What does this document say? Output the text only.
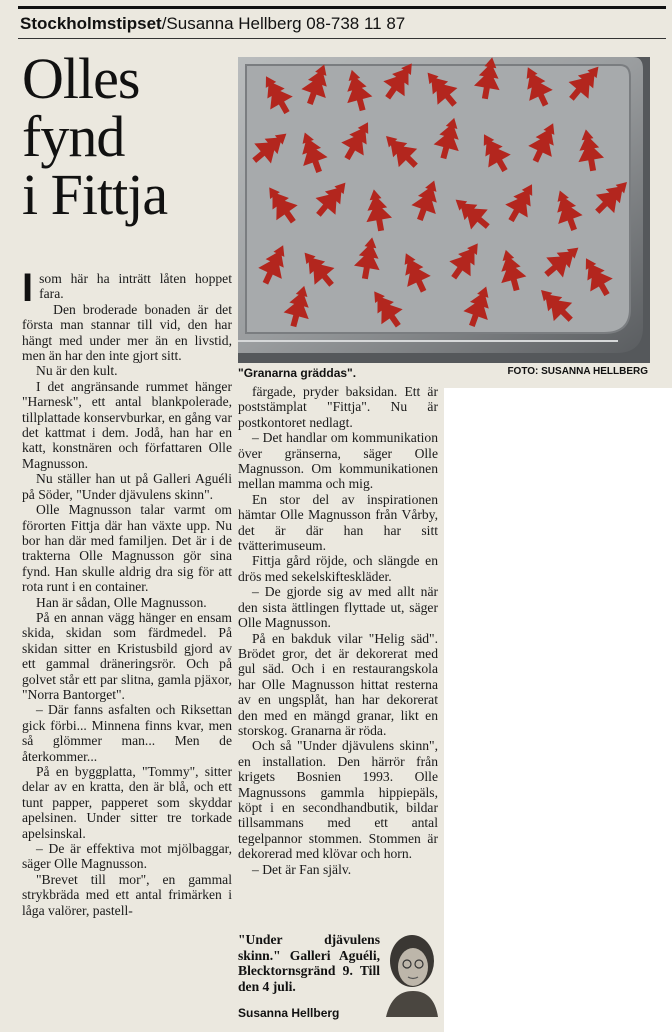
Stockholmstipset/Susanna Hellberg 08-738 11 87
Olles
fynd
i Fittja
"Granarna gräddas".	FOTO: SUSANNA HELLBERG

Isom här ha inträtt låten hoppet fara.

Den broderade bonaden är det första man stannar till vid, den har hängt med under mer än en livstid, men än har den inte gjort sitt.

Nu är den kult.

I det angränsande rummet hänger "Harnesk", ett antal blankpolerade, tillplattade konservburkar, en gång var det kattmat i dem. Jodå, han har en katt, konstnären och författaren Olle Magnusson.

Nu ställer han ut på Galleri Aguéli på Söder, "Under djävulens skinn".

Olle Magnusson talar varmt om förorten Fittja där han växte upp. Nu bor han där med familjen. Det är i de trakterna Olle Magnusson gör sina fynd. Han skulle aldrig dra sig för att rota runt i en container.

Han är sådan, Olle Magnusson.

På en annan vägg hänger en ensam skida, skidan som färdmedel. På skidan sitter en Kristusbild gjord av ett gammal dräneringsrör. Och på golvet står ett par slitna, gamla pjäxor, "Norra Bantorget".

– Där fanns asfalten och Riksettan gick förbi... Minnena finns kvar, men så glömmer man... Men de återkommer...

På en byggplatta, "Tommy", sitter delar av en kratta, den är blå, och ett tunt papper, papperet som skyddar apelsinen. Under sitter tre torkade apelsinskal.

– De är effektiva mot mjölbaggar, säger Olle Magnusson.

"Brevet till mor", en gammal strykbräda med ett antal frimärken i låga valörer, pastell-

färgade, pryder baksidan. Ett är poststämplat "Fittja". Nu är postkontoret nedlagt.

– Det handlar om kommunikation över gränserna, säger Olle Magnusson. Om kommunikationen mellan mamma och mig.

En stor del av inspirationen hämtar Olle Magnusson från Vårby, det är där han har sitt tvätterimuseum.

Fittja gård röjde, och slängde en drös med sekelskifteskläder.

– De gjorde sig av med allt när den sista ättlingen flyttade ut, säger Olle Magnusson.

På en bakduk vilar "Helig säd". Brödet gror, det är dekorerat med gul säd. Och i en restaurangskola har Olle Magnusson hittat resterna av en ungsplåt, han har dekorerat den med en mängd granar, likt en storskog. Granarna är röda.

Och så "Under djävulens skinn", en installation. Den härrör från krigets Bosnien 1993. Olle Magnussons gammla hippiepäls, köpt i en secondhandbutik, bildar tillsammans med ett antal tegelpannor stommen. Stommen är dekorerad med klövar och horn.

– Det är Fan själv.

"Under djävulens skinn." Galleri Aguéli, Blecktornsgränd 9. Till den 4 juli.
Susanna Hellberg
